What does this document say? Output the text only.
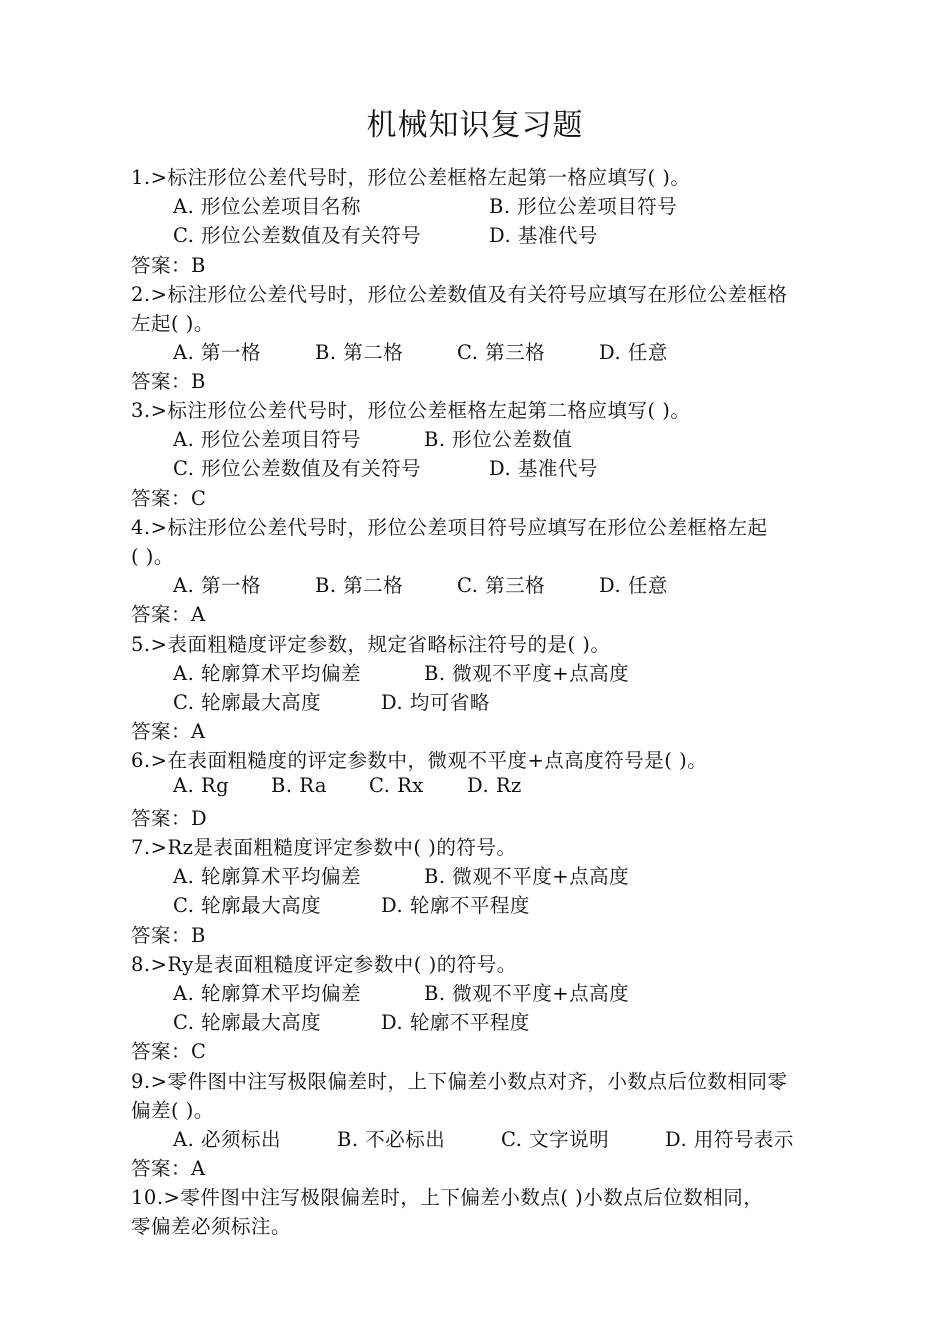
机械知识复习题
1.>标注形位公差代号时，形位公差框格左起第一格应填写( )。
A. 形位公差项目名称	B. 形位公差项目符号
C. 形位公差数值及有关符号	D. 基准代号
答案：B
2.>标注形位公差代号时，形位公差数值及有关符号应填写在形位公差框格
左起( )。
A. 第一格	B. 第二格	C. 第三格	D. 任意
答案：B
3.>标注形位公差代号时，形位公差框格左起第二格应填写( )。
A. 形位公差项目符号	B. 形位公差数值
C. 形位公差数值及有关符号	D. 基准代号
答案：C
4.>标注形位公差代号时，形位公差项目符号应填写在形位公差框格左起
( )。
A. 第一格	B. 第二格	C. 第三格	D. 任意
答案：A
5.>表面粗糙度评定参数，规定省略标注符号的是( )。
A. 轮廓算术平均偏差	B. 微观不平度+点高度
C. 轮廓最大高度	D. 均可省略
答案：A
6.>在表面粗糙度的评定参数中，微观不平度+点高度符号是( )。
A. Rg B. Ra C. Rx D. Rz
答案：D
7.>Rz是表面粗糙度评定参数中( )的符号。
A. 轮廓算术平均偏差	B. 微观不平度+点高度
C. 轮廓最大高度	D. 轮廓不平程度
答案：B
8.>Ry是表面粗糙度评定参数中( )的符号。
A. 轮廓算术平均偏差	B. 微观不平度+点高度
C. 轮廓最大高度	D. 轮廓不平程度
答案：C
9.>零件图中注写极限偏差时，上下偏差小数点对齐，小数点后位数相同零
偏差( )。
A. 必须标出	B. 不必标出	C. 文字说明	D. 用符号表示
答案：A
10.>零件图中注写极限偏差时，上下偏差小数点( )小数点后位数相同，
零偏差必须标注。
